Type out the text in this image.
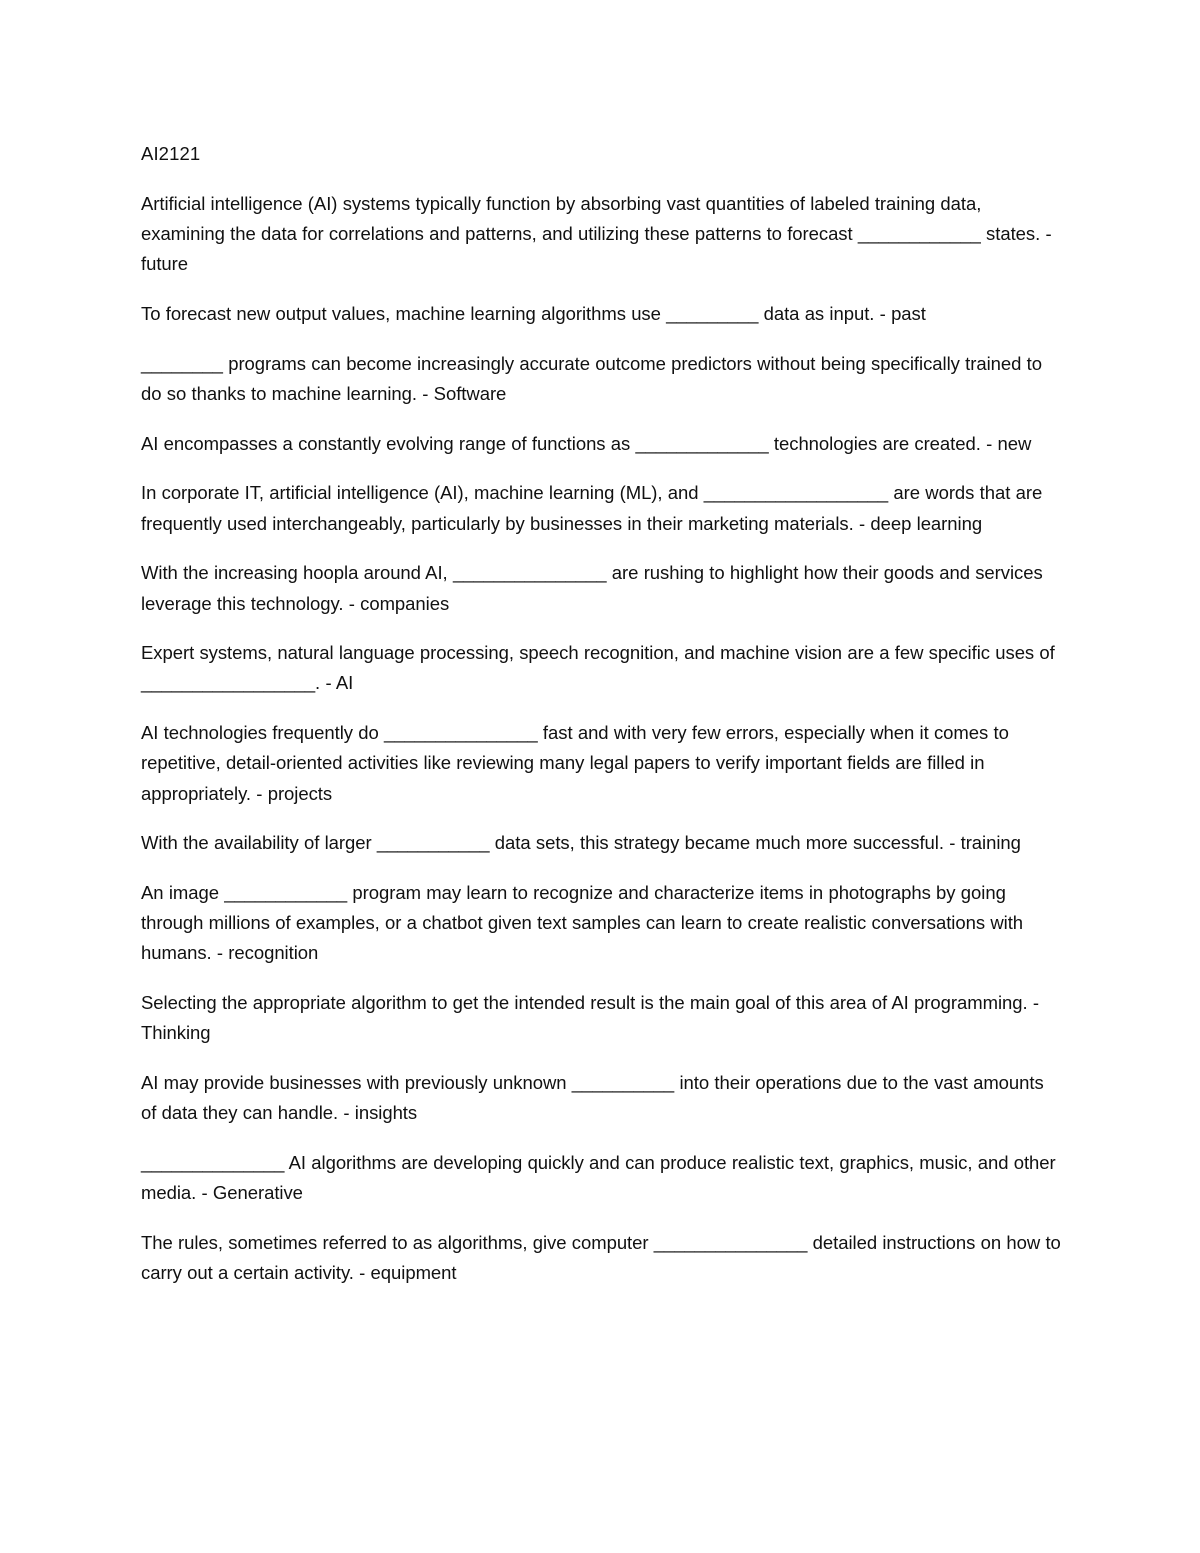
AI2121
Artificial intelligence (AI) systems typically function by absorbing vast quantities of labeled training data, examining the data for correlations and patterns, and utilizing these patterns to forecast ____________ states. - future
To forecast new output values, machine learning algorithms use _________ data as input. - past
________ programs can become increasingly accurate outcome predictors without being specifically trained to do so thanks to machine learning. - Software
AI encompasses a constantly evolving range of functions as _____________ technologies are created. - new
In corporate IT, artificial intelligence (AI), machine learning (ML), and __________________ are words that are frequently used interchangeably, particularly by businesses in their marketing materials. - deep learning
With the increasing hoopla around AI, _______________ are rushing to highlight how their goods and services leverage this technology. - companies
Expert systems, natural language processing, speech recognition, and machine vision are a few specific uses of _________________. - AI
AI technologies frequently do _______________ fast and with very few errors, especially when it comes to repetitive, detail-oriented activities like reviewing many legal papers to verify important fields are filled in appropriately. - projects
With the availability of larger ___________ data sets, this strategy became much more successful. - training
An image ____________ program may learn to recognize and characterize items in photographs by going through millions of examples, or a chatbot given text samples can learn to create realistic conversations with humans. - recognition
Selecting the appropriate algorithm to get the intended result is the main goal of this area of AI programming. - Thinking
AI may provide businesses with previously unknown __________ into their operations due to the vast amounts of data they can handle. - insights
______________ AI algorithms are developing quickly and can produce realistic text, graphics, music, and other media. - Generative
The rules, sometimes referred to as algorithms, give computer _______________ detailed instructions on how to carry out a certain activity. - equipment
